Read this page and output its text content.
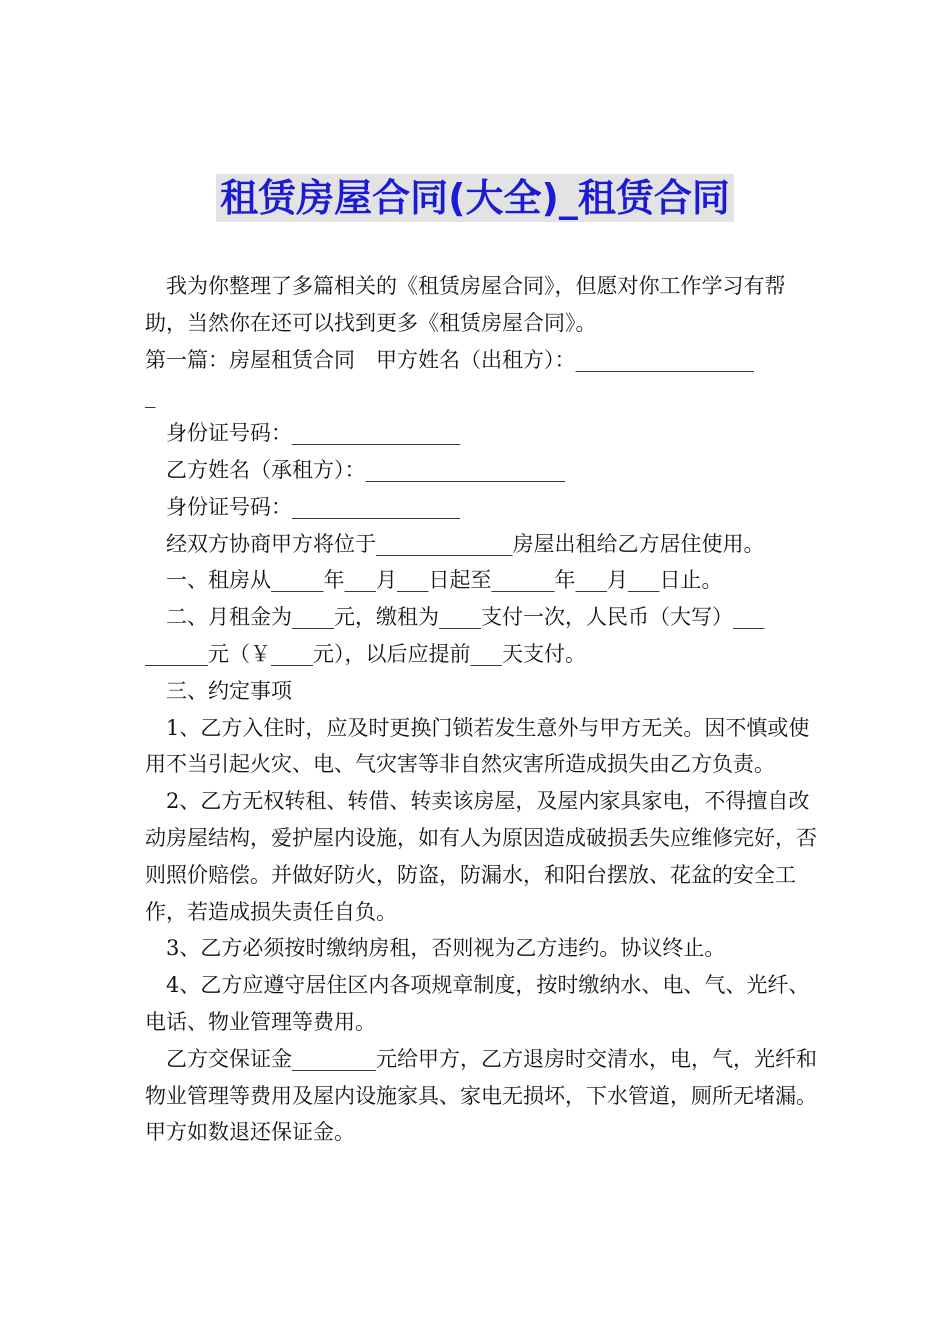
租赁房屋合同(大全)_租赁合同

我为你整理了多篇相关的《租赁房屋合同》，但愿对你工作学习有帮助，当然你在还可以找到更多《租赁房屋合同》。

第一篇：房屋租赁合同　甲方姓名（出租方）：_________________
_

身份证号码：________________

乙方姓名（承租方）：___________________

身份证号码：________________

经双方协商甲方将位于_____________房屋出租给乙方居住使用。

一、租房从_____年___月___日起至______年___月___日止。

二、月租金为____元，缴租为____支付一次，人民币（大写）___
______元（￥____元），以后应提前___天支付。

三、约定事项

1、乙方入住时，应及时更换门锁若发生意外与甲方无关。因不慎或使用不当引起火灾、电、气灾害等非自然灾害所造成损失由乙方负责。

2、乙方无权转租、转借、转卖该房屋，及屋内家具家电，不得擅自改动房屋结构，爱护屋内设施，如有人为原因造成破损丢失应维修完好，否则照价赔偿。并做好防火，防盗，防漏水，和阳台摆放、花盆的安全工作，若造成损失责任自负。

3、乙方必须按时缴纳房租，否则视为乙方违约。协议终止。

4、乙方应遵守居住区内各项规章制度，按时缴纳水、电、气、光纤、电话、物业管理等费用。

乙方交保证金________元给甲方，乙方退房时交清水，电，气，光纤和物业管理等费用及屋内设施家具、家电无损坏，下水管道，厕所无堵漏。甲方如数退还保证金。
